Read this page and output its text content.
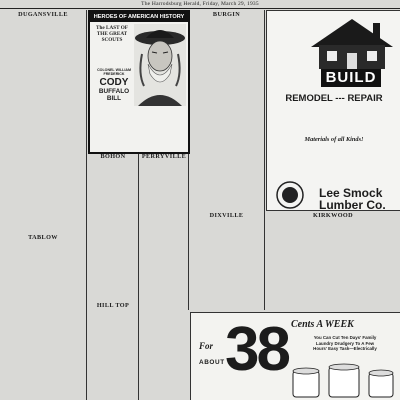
The Harrodsburg Herald, Friday, March 29, 1935
DUGANSVILLE
TABLOW
HEROES OF AMERICAN HISTORY
The LAST OF THE GREAT SCOUTS
COLONEL WILLIAM FREDERICK
CODY
BUFFALO BILL
BOHON
HILL TOP
PERRYVILLE
BURGIN
DIXVILLE
BUILD
REMODEL --- REPAIR
Materials of all Kinds!
Lee Smock Lumber Co.
KIRKWOOD
For
ABOUT 38 Cents A WEEK
You Can Cut Ten Days' Family
Laundry Drudgery To A Few
Hours' Easy Task—Electrically
